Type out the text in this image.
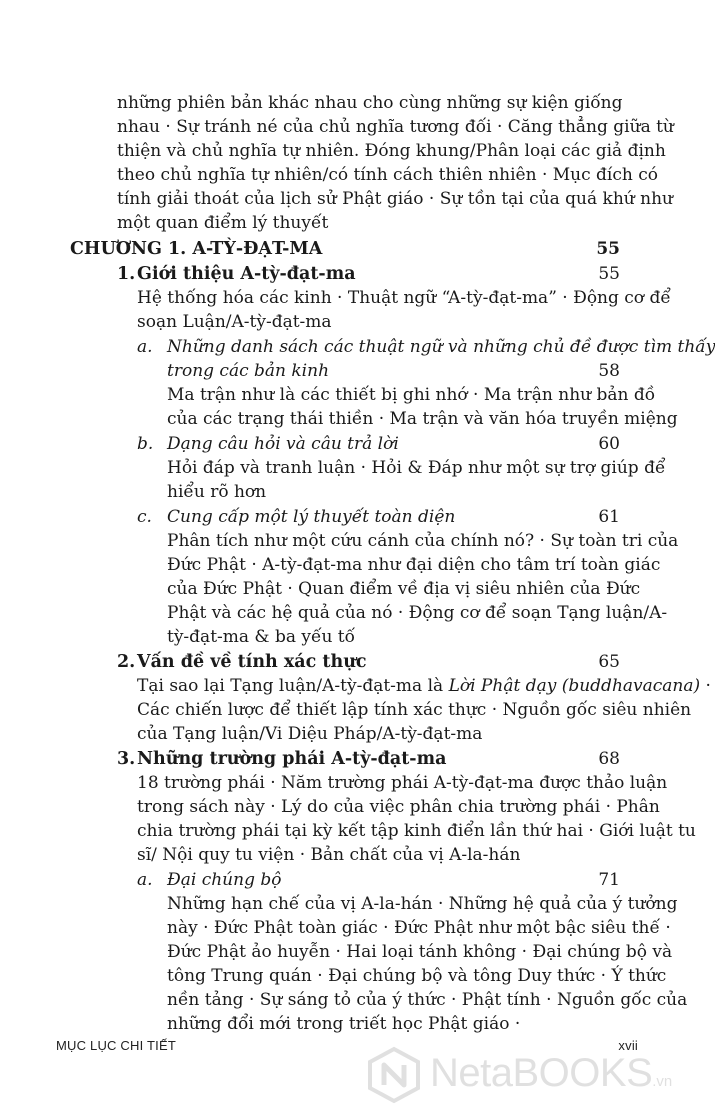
những phiên bản khác nhau cho cùng những sự kiện giống
nhau · Sự tránh né của chủ nghĩa tương đối · Căng thẳng giữa từ
thiện và chủ nghĩa tự nhiên. Đóng khung/Phân loại các giả định
theo chủ nghĩa tự nhiên/có tính cách thiên nhiên · Mục đích có
tính giải thoát của lịch sử Phật giáo · Sự tồn tại của quá khứ như
một quan điểm lý thuyết
CHƯƠNG 1. A-TỲ-ĐẠT-MA	55
1. Giới thiệu A-tỳ-đạt-ma	55
Hệ thống hóa các kinh · Thuật ngữ “A-tỳ-đạt-ma” · Động cơ để
soạn Luận/A-tỳ-đạt-ma
a. Những danh sách các thuật ngữ và những chủ đề được tìm thấy
trong các bản kinh	58
Ma trận như là các thiết bị ghi nhớ · Ma trận như bản đồ
của các trạng thái thiền · Ma trận và văn hóa truyền miệng
b. Dạng câu hỏi và câu trả lời	60
Hỏi đáp và tranh luận · Hỏi & Đáp như một sự trợ giúp để
hiểu rõ hơn
c. Cung cấp một lý thuyết toàn diện	61
Phân tích như một cứu cánh của chính nó? · Sự toàn tri của
Đức Phật · A-tỳ-đạt-ma như đại diện cho tâm trí toàn giác
của Đức Phật · Quan điểm về địa vị siêu nhiên của Đức
Phật và các hệ quả của nó · Động cơ để soạn Tạng luận/A-
tỳ-đạt-ma & ba yếu tố
2. Vấn đề về tính xác thực	65
Tại sao lại Tạng luận/A-tỳ-đạt-ma là Lời Phật dạy (buddhavacana) ·
Các chiến lược để thiết lập tính xác thực · Nguồn gốc siêu nhiên
của Tạng luận/Vi Diệu Pháp/A-tỳ-đạt-ma
3. Những trường phái A-tỳ-đạt-ma	68
18 trường phái · Năm trường phái A-tỳ-đạt-ma được thảo luận
trong sách này · Lý do của việc phân chia trường phái · Phân
chia trường phái tại kỳ kết tập kinh điển lần thứ hai · Giới luật tu
sĩ/ Nội quy tu viện · Bản chất của vị A-la-hán
a. Đại chúng bộ	71
Những hạn chế của vị A-la-hán · Những hệ quả của ý tưởng
này · Đức Phật toàn giác · Đức Phật như một bậc siêu thế ·
Đức Phật ảo huyễn · Hai loại tánh không · Đại chúng bộ và
tông Trung quán · Đại chúng bộ và tông Duy thức · Ý thức
nền tảng · Sự sáng tỏ của ý thức · Phật tính · Nguồn gốc của
những đổi mới trong triết học Phật giáo ·
MỤC LỤC CHI TIẾT	xvii
NetaBOOKS.vn
